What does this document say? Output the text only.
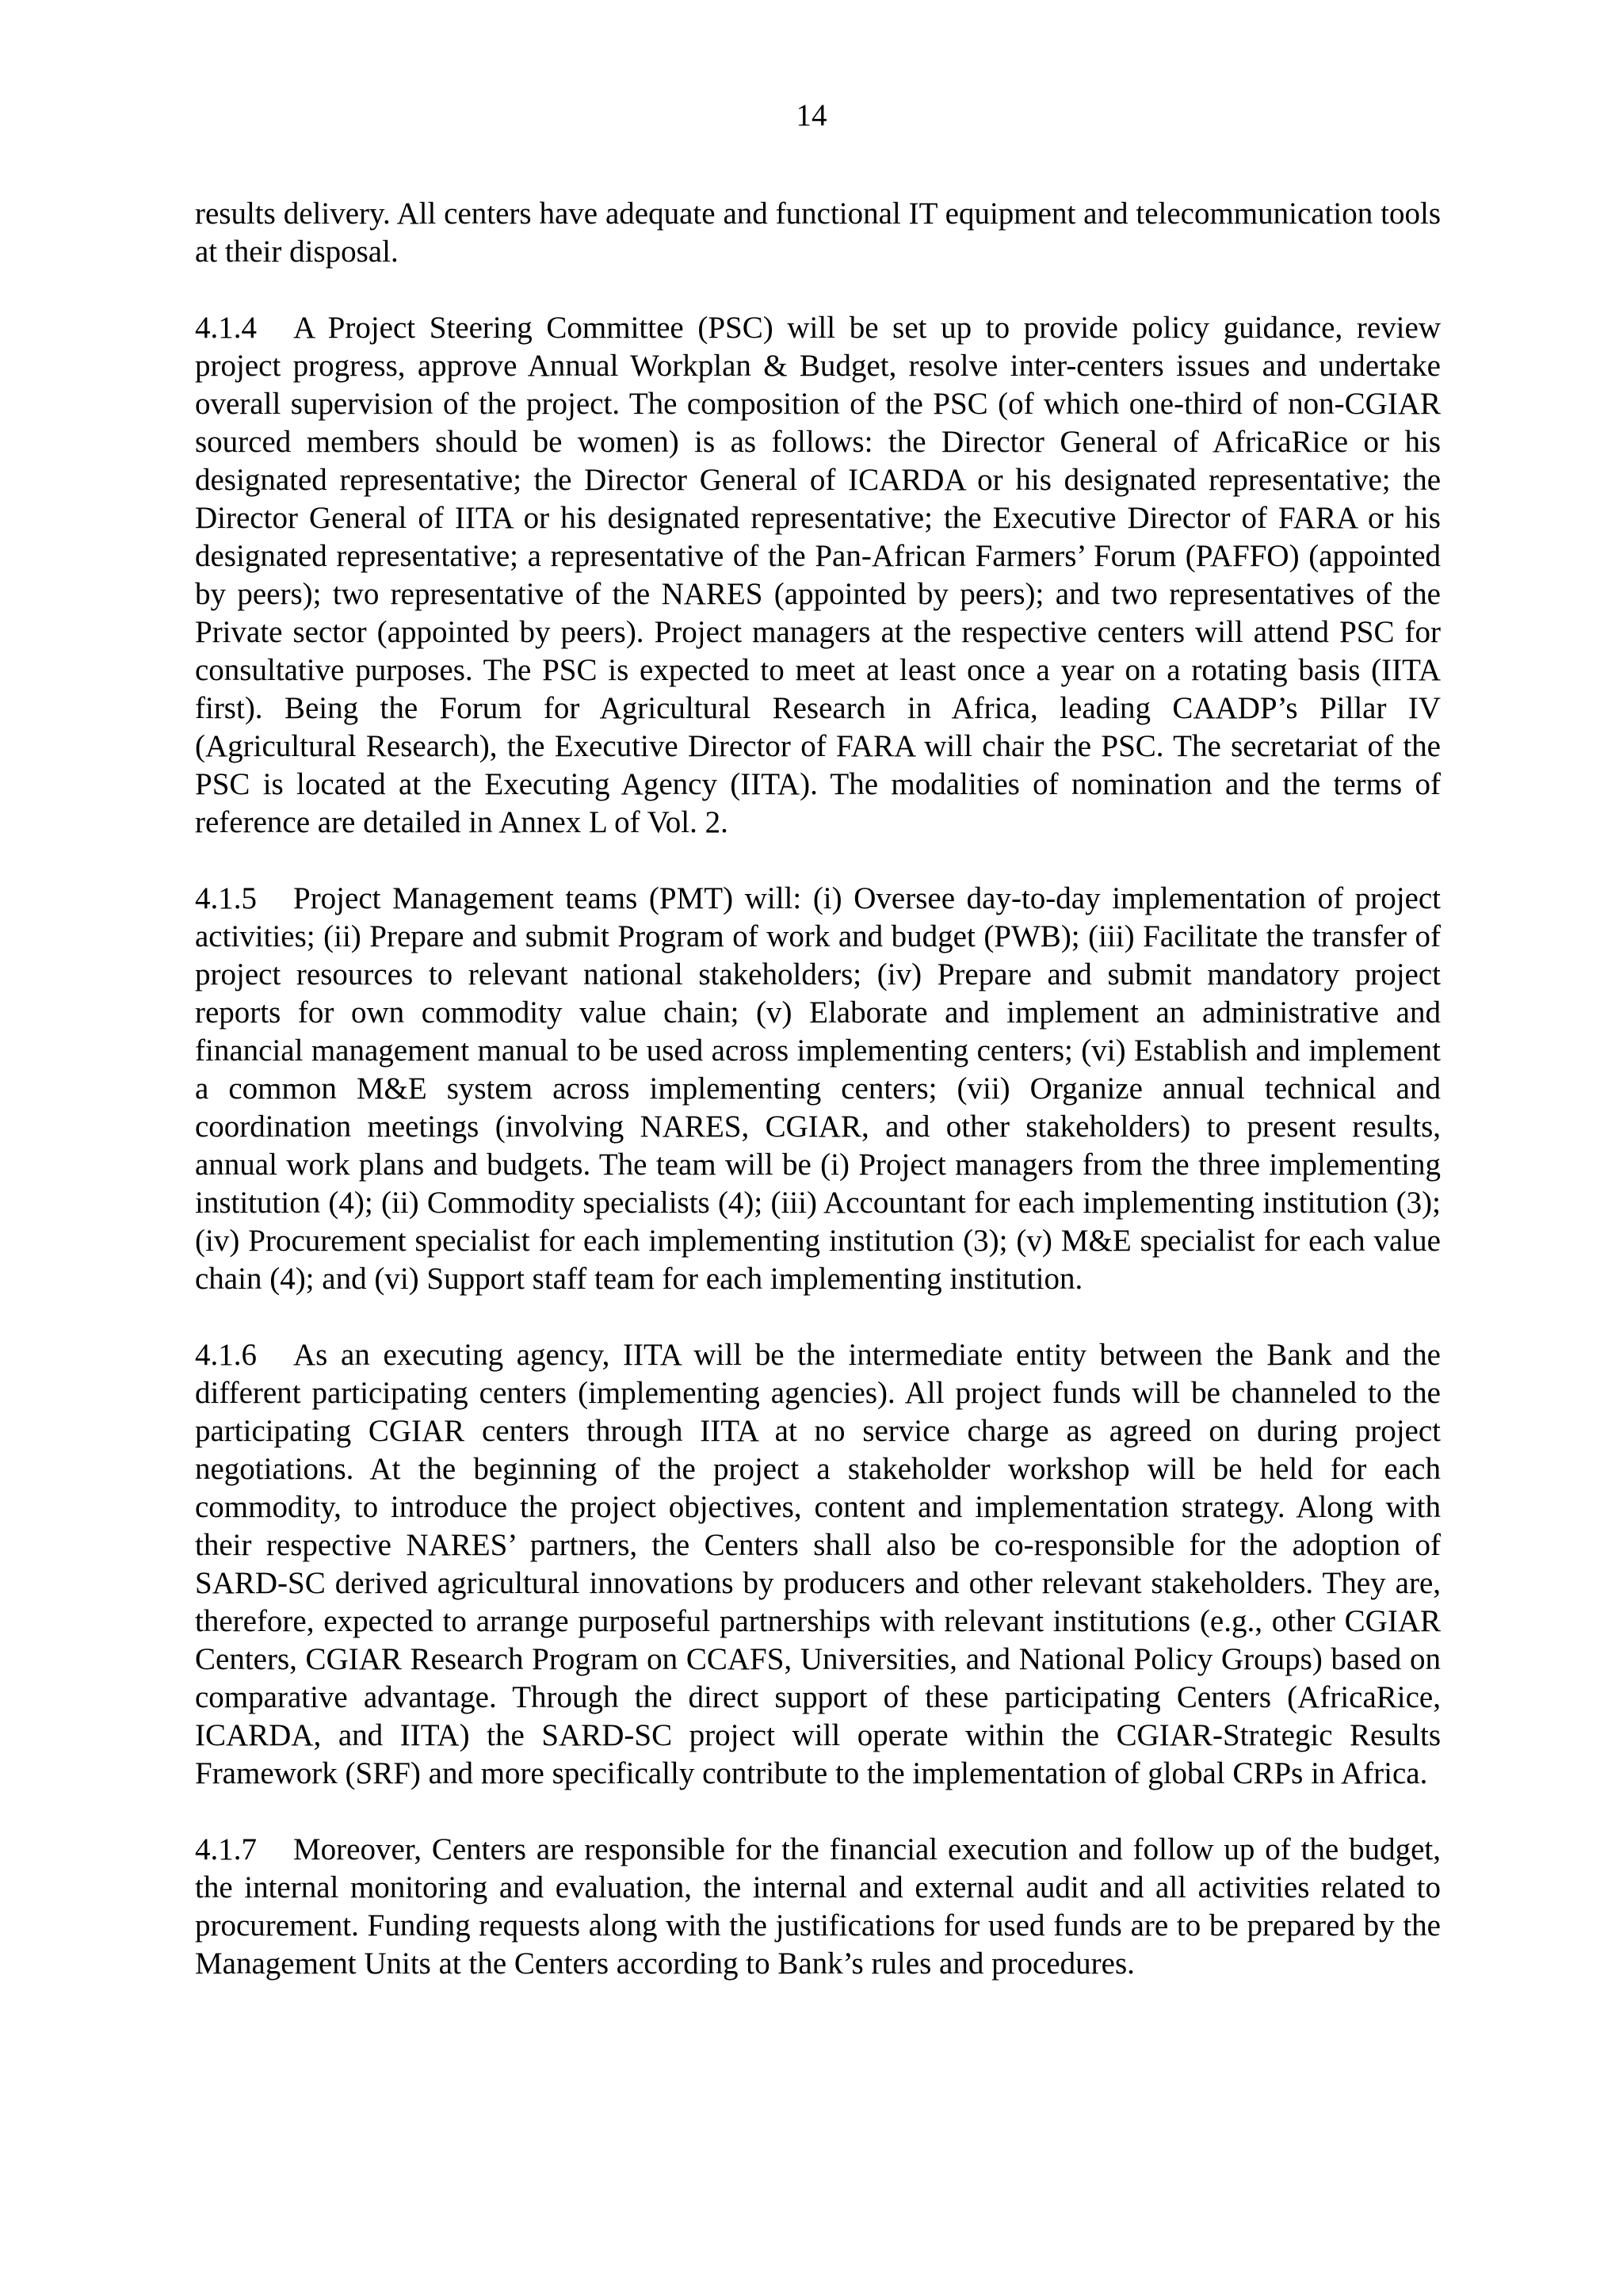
14

results delivery. All centers have adequate and functional IT equipment and telecommunication tools at their disposal.

4.1.4 A Project Steering Committee (PSC) will be set up to provide policy guidance, review project progress, approve Annual Workplan & Budget, resolve inter-centers issues and undertake overall supervision of the project. The composition of the PSC (of which one-third of non-CGIAR sourced members should be women) is as follows: the Director General of AfricaRice or his designated representative; the Director General of ICARDA or his designated representative; the Director General of IITA or his designated representative; the Executive Director of FARA or his designated representative; a representative of the Pan-African Farmers’ Forum (PAFFO) (appointed by peers); two representative of the NARES (appointed by peers); and two representatives of the Private sector (appointed by peers). Project managers at the respective centers will attend PSC for consultative purposes. The PSC is expected to meet at least once a year on a rotating basis (IITA first). Being the Forum for Agricultural Research in Africa, leading CAADP’s Pillar IV (Agricultural Research), the Executive Director of FARA will chair the PSC. The secretariat of the PSC is located at the Executing Agency (IITA). The modalities of nomination and the terms of reference are detailed in Annex L of Vol. 2.

4.1.5 Project Management teams (PMT) will: (i) Oversee day-to-day implementation of project activities; (ii) Prepare and submit Program of work and budget (PWB); (iii) Facilitate the transfer of project resources to relevant national stakeholders; (iv) Prepare and submit mandatory project reports for own commodity value chain; (v) Elaborate and implement an administrative and financial management manual to be used across implementing centers; (vi) Establish and implement a common M&E system across implementing centers; (vii) Organize annual technical and coordination meetings (involving NARES, CGIAR, and other stakeholders) to present results, annual work plans and budgets. The team will be (i) Project managers from the three implementing institution (4); (ii) Commodity specialists (4); (iii) Accountant for each implementing institution (3); (iv) Procurement specialist for each implementing institution (3); (v) M&E specialist for each value chain (4); and (vi) Support staff team for each implementing institution.

4.1.6 As an executing agency, IITA will be the intermediate entity between the Bank and the different participating centers (implementing agencies). All project funds will be channeled to the participating CGIAR centers through IITA at no service charge as agreed on during project negotiations. At the beginning of the project a stakeholder workshop will be held for each commodity, to introduce the project objectives, content and implementation strategy. Along with their respective NARES’ partners, the Centers shall also be co-responsible for the adoption of SARD-SC derived agricultural innovations by producers and other relevant stakeholders. They are, therefore, expected to arrange purposeful partnerships with relevant institutions (e.g., other CGIAR Centers, CGIAR Research Program on CCAFS, Universities, and National Policy Groups) based on comparative advantage. Through the direct support of these participating Centers (AfricaRice, ICARDA, and IITA) the SARD-SC project will operate within the CGIAR-Strategic Results Framework (SRF) and more specifically contribute to the implementation of global CRPs in Africa.

4.1.7 Moreover, Centers are responsible for the financial execution and follow up of the budget, the internal monitoring and evaluation, the internal and external audit and all activities related to procurement. Funding requests along with the justifications for used funds are to be prepared by the Management Units at the Centers according to Bank’s rules and procedures.
